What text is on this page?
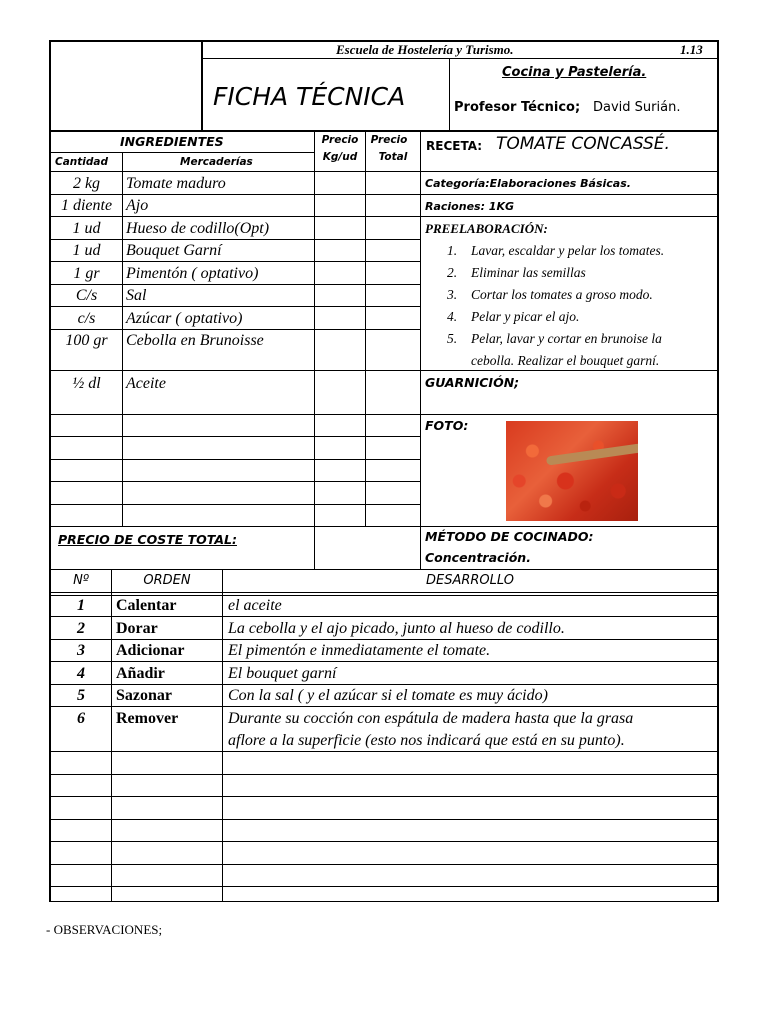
Escuela de Hostelería y Turismo.	1.13
FICHA TÉCNICA
Cocina y Pastelería.
Profesor Técnico; David Surián.
INGREDIENTES
Cantidad	Mercaderías
Precio
Kg/ud
Precio
Total
2 kg	Tomate maduro
1 diente Ajo
1 ud	Hueso de codillo(Opt)
1 ud	Bouquet Garní
1 gr	Pimentón ( optativo)
C/s	Sal
c/s	Azúcar ( optativo)
100 gr	Cebolla en Brunoisse
½ dl	Aceite
PRECIO DE COSTE TOTAL:
RECETA: TOMATE CONCASSÉ.
Categoría:Elaboraciones Básicas.
Raciones: 1KG
PREELABORACIÓN:
1. Lavar, escaldar y pelar los tomates.
2. Eliminar las semillas
3. Cortar los tomates a groso modo.
4. Pelar y picar el ajo.
5. Pelar, lavar y cortar en brunoise la
cebolla. Realizar el bouquet garní.
GUARNICIÓN;
FOTO:
MÉTODO DE COCINADO:
Concentración.
Nº	ORDEN	DESARROLLO
1	Calentar	el aceite
2	Dorar	La cebolla y el ajo picado, junto al hueso de codillo.
3	Adicionar	El pimentón e inmediatamente el tomate.
4	Añadir	El bouquet garní
5	Sazonar	Con la sal ( y el azúcar si el tomate es muy ácido)
6	Remover	Durante su cocción con espátula de madera hasta que la grasa
aflore a la superficie (esto nos indicará que está en su punto).
- OBSERVACIONES;
